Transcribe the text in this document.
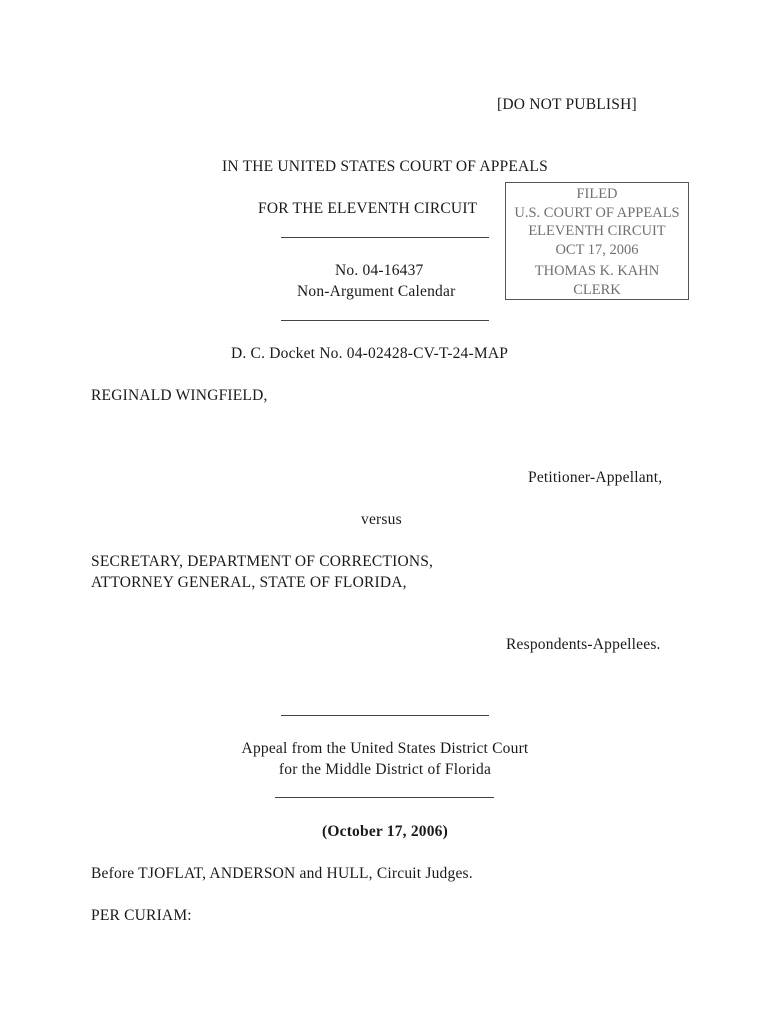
[DO NOT PUBLISH]
IN THE UNITED STATES COURT OF APPEALS
FOR THE ELEVENTH CIRCUIT
No. 04-16437
Non-Argument Calendar
FILED
U.S. COURT OF APPEALS
ELEVENTH CIRCUIT
OCT 17, 2006
THOMAS K. KAHN
CLERK
D. C. Docket No. 04-02428-CV-T-24-MAP
REGINALD WINGFIELD,
Petitioner-Appellant,
versus
SECRETARY, DEPARTMENT OF CORRECTIONS,
ATTORNEY GENERAL, STATE OF FLORIDA,
Respondents-Appellees.
Appeal from the United States District Court
for the Middle District of Florida
(October 17, 2006)
Before TJOFLAT, ANDERSON and HULL, Circuit Judges.
PER CURIAM:
